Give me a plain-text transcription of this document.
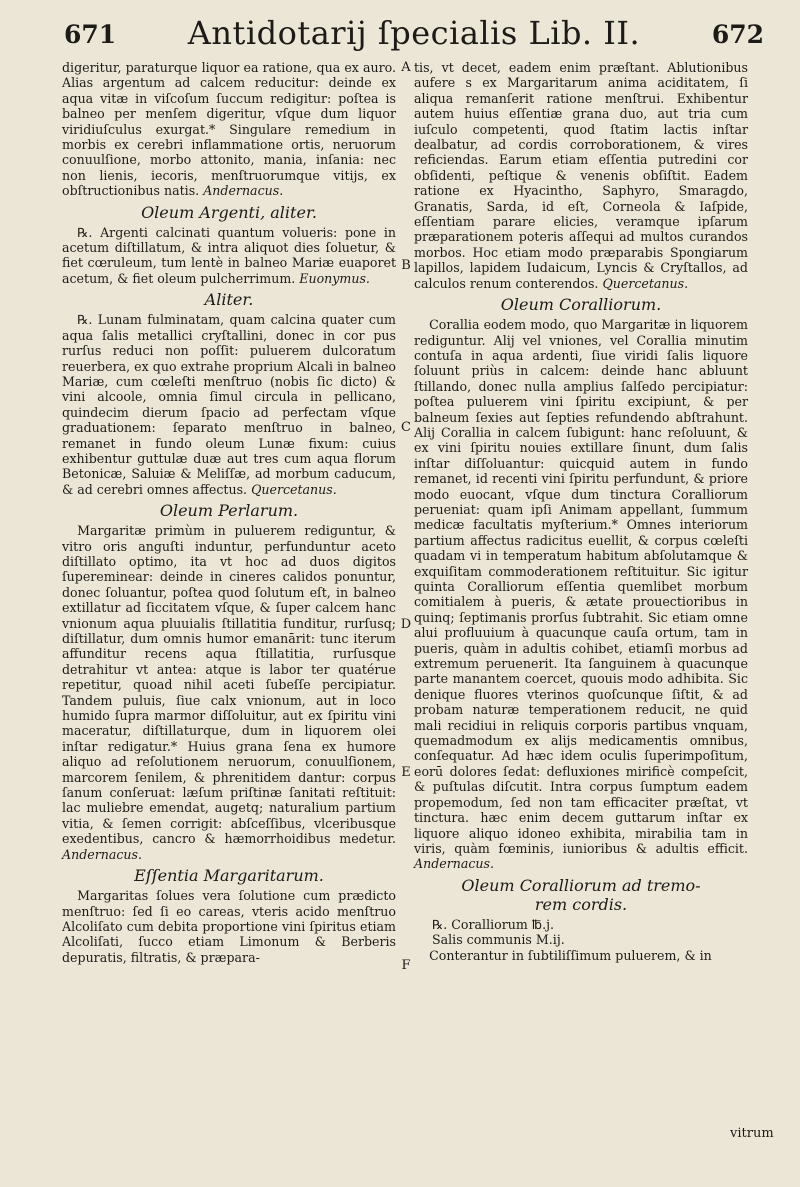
671	Antidotarij ſpecialis Lib. II.	672

digeritur, paraturque liquor ea ratione, qua ex auro. Alias argentum ad calcem reducitur: deinde ex aqua vitæ in viſcoſum ſuccum redigitur: poſtea is balneo per menſem digeritur, vſque dum liquor viridiuſculus exurgat.* Singulare remedium in morbis ex cerebri inflammatione ortis, neruorum conuulſione, morbo attonito, mania, inſania: nec non lienis, iecoris, menſtruorumque vitijs, ex obſtructionibus natis. Andernacus.

Oleum Argenti, aliter.

℞. Argenti calcinati quantum volueris: pone in acetum diſtillatum, & intra aliquot dies ſoluetur, & fiet cœruleum, tum lentè in balneo Mariæ euaporet acetum, & fiet oleum pulcherrimum. Euonymus.

Aliter.

℞. Lunam fulminatam, quam calcina quater cum aqua ſalis metallici cryſtallini, donec in cor pus rurſus reduci non poſſit: puluerem dulcoratum reuerbera, ex quo extrahe proprium Alcali in balneo Mariæ, cum cœleſti menſtruo (nobis ſic dicto) & vini alcoole, omnia ſimul circula in pellicano, quindecim dierum ſpacio ad perfectam vſque graduationem: ſeparato menſtruo in balneo, remanet in fundo oleum Lunæ fixum: cuius exhibentur guttulæ duæ aut tres cum aqua florum Betonicæ, Saluiæ & Meliſſæ, ad morbum caducum, & ad cerebri omnes affectus. Quercetanus.

Oleum Perlarum.

Margaritæ primùm in puluerem rediguntur, & vitro oris anguſti induntur, perfunduntur aceto diſtillato optimo, ita vt hoc ad duos digitos ſupereminear: deinde in cineres calidos ponuntur, donec ſoluantur, poſtea quod ſolutum eſt, in balneo extillatur ad ſiccitatem vſque, & ſuper calcem hanc vnionum aqua pluuialis ſtillatitia funditur, rurſusq; diſtillatur, dum omnis humor emanārit: tunc iterum affunditur recens aqua ſtillatitia, rurſusque detrahitur vt antea: atque is labor ter quatérue repetitur, quoad nihil aceti ſubeſſe percipiatur. Tandem puluis, ſiue calx vnionum, aut in loco humido ſupra marmor diſſoluitur, aut ex ſpiritu vini maceratur, diſtillaturque, dum in liquorem olei inſtar redigatur.* Huius grana ſena ex humore aliquo ad reſolutionem neruorum, conuulſionem, marcorem ſenilem, & phrenitidem dantur: corpus ſanum conſeruat: læſum priſtinæ ſanitati reſtituit: lac muliebre emendat, augetq; naturalium partium vitia, & ſemen corrigit: abſceſſibus, vlceribusque exedentibus, cancro & hæmorrhoidibus medetur. Andernacus.

Eſſentia Margaritarum.

Margaritas ſolues vera ſolutione cum prædicto menſtruo: ſed ſi eo careas, vteris acido menſtruo Alcoliſato cum debita proportione vini ſpiritus etiam Alcoliſati, ſucco etiam Limonum & Berberis depuratis, filtratis, & præpara-

A
B
C
D
E
F

tis, vt decet, eadem enim præſtant. Ablutionibus aufere s ex Margaritarum anima aciditatem, ſi aliqua remanſerit ratione menſtrui. Exhibentur autem huius eſſentiæ grana duo, aut tria cum iuſculo competenti, quod ſtatim lactis inſtar dealbatur, ad cordis corroborationem, & vires reficiendas. Earum etiam eſſentia putredini cor obſidenti, peſtique & venenis obſiſtit. Eadem ratione ex Hyacintho, Saphyro, Smaragdo, Granatis, Sarda, id eſt, Corneola & Iaſpide, eſſentiam parare elicies, veramque ipſarum præparationem poteris aſſequi ad multos curandos morbos. Hoc etiam modo præparabis Spongiarum lapillos, lapidem Iudaicum, Lyncis & Cryſtallos, ad calculos renum conterendos. Quercetanus.

Oleum Coralliorum.

Corallia eodem modo, quo Margaritæ in liquorem rediguntur. Alij vel vniones, vel Corallia minutim contuſa in aqua ardenti, ſiue viridi ſalis liquore ſoluunt priùs in calcem: deinde hanc abluunt ſtillando, donec nulla amplius ſalſedo percipiatur: poſtea puluerem vini ſpiritu excipiunt, & per balneum ſexies aut ſepties refundendo abſtrahunt. Alij Corallia in calcem ſubigunt: hanc reſoluunt, & ex vini ſpiritu nouies extillare ſinunt, dum ſalis inſtar diſſoluantur: quicquid autem in fundo remanet, id recenti vini ſpiritu perfundunt, & priore modo euocant, vſque dum tinctura Coralliorum perueniat: quam ipſi Animam appellant, ſummum medicæ facultatis myſterium.* Omnes interiorum partium affectus radicitus euellit, & corpus cœleſti quadam vi in temperatum habitum abſolutamque & exquiſitam commoderationem reſtituitur. Sic igitur quinta Coralliorum eſſentia quemlibet morbum comitialem à pueris, & ætate prouectioribus in quinq; ſeptimanis prorſus ſubtrahit. Sic etiam omne alui profluuium à quacunque cauſa ortum, tam in pueris, quàm in adultis cohibet, etiamſi morbus ad extremum peruenerit. Ita ſanguinem à quacunque parte manantem coercet, quouis modo adhibita. Sic denique fluores vterinos quoſcunque ſiſtit, & ad probam naturæ temperationem reducit, ne quid mali recidiui in reliquis corporis partibus vnquam, quemadmodum ex alijs medicamentis omnibus, conſequatur. Ad hæc idem oculis ſuperimpoſitum, eorū dolores ſedat: defluxiones mirificè compeſcit, & puſtulas diſcutit. Intra corpus ſumptum eadem propemodum, ſed non tam efficaciter præſtat, vt tinctura. hæc enim decem guttarum inſtar ex liquore aliquo idoneo exhibita, mirabilia tam in viris, quàm fœminis, iunioribus & adultis efficit. Andernacus.

Oleum Coralliorum ad tremo-
rem cordis.

℞. Coralliorum ℔.j.

Salis communis M.ij.

Conterantur in ſubtiliſſimum puluerem, & in

vitrum
